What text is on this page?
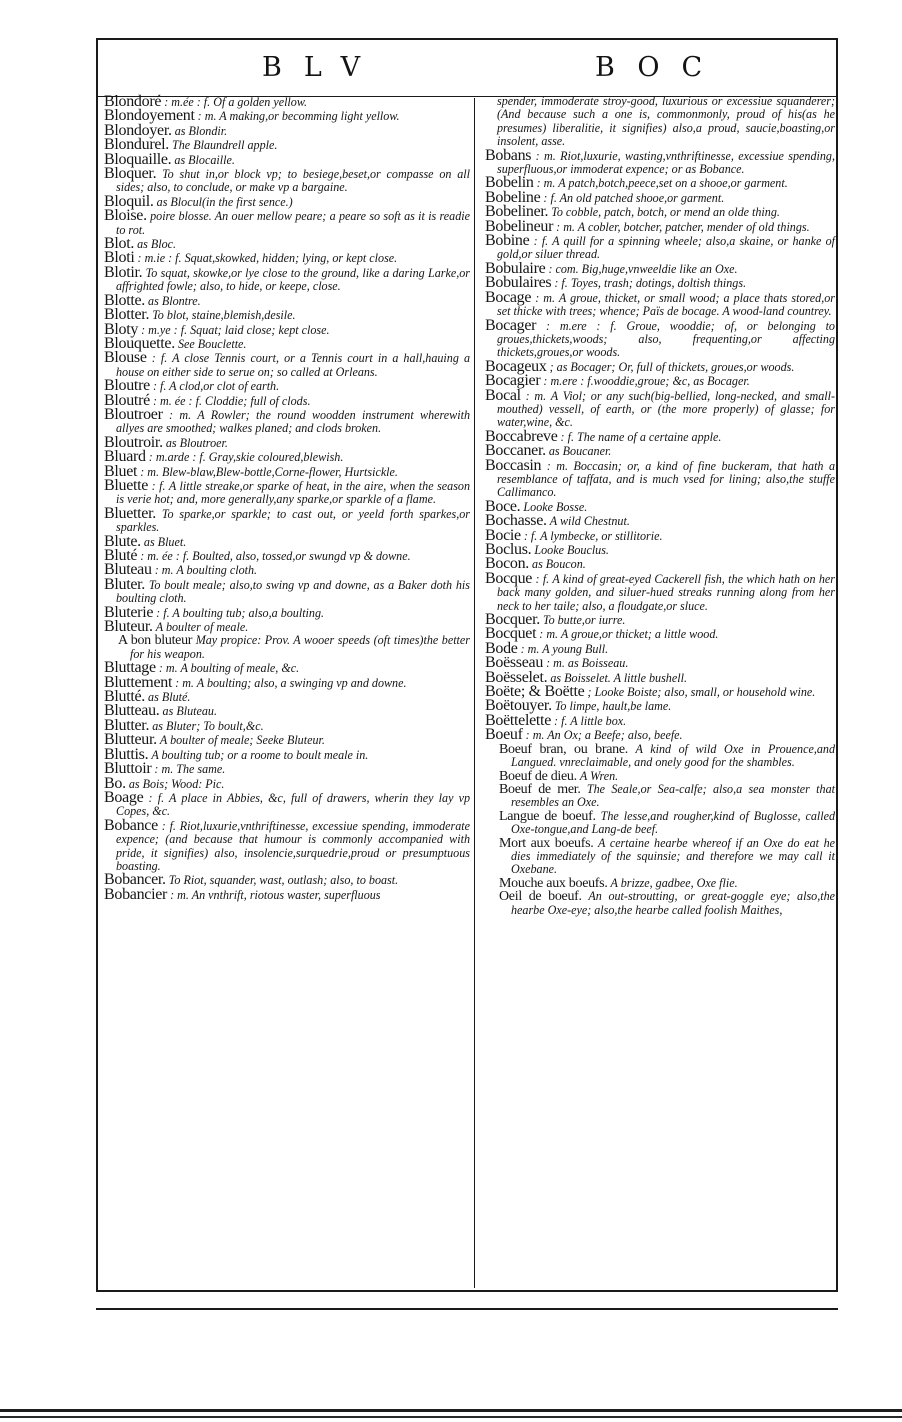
BLV	BOC
Blondoré : m.ée : f. Of a golden yellow.
Blondoyement : m. A making,or becomming light yellow.
Blondoyer. as Blondir.
Blondurel. The Blaundrell apple.
Bloquaille. as Blocaille.
Bloquer. To shut in,or block vp; to besiege,beset,or compasse on all sides; also, to conclude, or make vp a bargaine.
Bloquil. as Blocul(in the first sence.)
Bloise. poire blosse. An ouer mellow peare; a peare so soft as it is readie to rot.
Blot. as Bloc.
Bloti : m.ie : f. Squat,skowked, hidden; lying, or kept close.
Blotir. To squat, skowke,or lye close to the ground, like a daring Larke,or affrighted fowle; also, to hide, or keepe, close.
Blotte. as Blontre.
Blotter. To blot, staine,blemish,desile.
Bloty : m.ye : f. Squat; laid close; kept close.
Blouquette. See Bouclette.
Blouse : f. A close Tennis court, or a Tennis court in a hall,hauing a house on either side to serue on; so called at Orleans.
Bloutre : f. A clod,or clot of earth.
Bloutré : m. ée : f. Cloddie; full of clods.
Bloutroer : m. A Rowler; the round woodden instrument wherewith allyes are smoothed; walkes planed; and clods broken.
Bloutroir. as Bloutroer.
Bluard : m.arde : f. Gray,skie coloured,blewish.
Bluet : m. Blew-blaw,Blew-bottle,Corne-flower, Hurtsickle.
Bluette : f. A little streake,or sparke of heat, in the aire, when the season is verie hot; and, more generally,any sparke,or sparkle of a flame.
Bluetter. To sparke,or sparkle; to cast out, or yeeld forth sparkes,or sparkles.
Blute. as Bluet.
Bluté : m. ée : f. Boulted, also, tossed,or swungd vp & downe.
Bluteau : m. A boulting cloth.
Bluter. To boult meale; also,to swing vp and downe, as a Baker doth his boulting cloth.
Bluterie : f. A boulting tub; also,a boulting.
Bluteur. A boulter of meale.
A bon bluteur May propice: Prov. A wooer speeds (oft times)the better for his weapon.
Bluttage : m. A boulting of meale, &c.
Bluttement : m. A boulting; also, a swinging vp and downe.
Blutté. as Bluté.
Blutteau. as Bluteau.
Blutter. as Bluter; To boult,&c.
Blutteur. A boulter of meale; Seeke Bluteur.
Bluttis. A boulting tub; or a roome to boult meale in.
Bluttoir : m. The same.
Bo. as Bois; Wood: Pic.
Boage : f. A place in Abbies, &c, full of drawers, wherin they lay vp Copes, &c.
Bobance : f. Riot,luxurie,vnthriftinesse, excessiue spending, immoderate expence; (and because that humour is commonly accompanied with pride, it signifies) also, insolencie,surquedrie,proud or presumptuous boasting.
Bobancer. To Riot, squander, wast, outlash; also, to boast.
Bobancier : m. An vnthrift, riotous waster, superfluous
spender, immoderate stroy-good, luxurious or excessiue squanderer; (And because such a one is, commonmonly, proud of his(as he presumes) liberalitie, it signifies) also,a proud, saucie,boasting,or insolent, asse.
Bobans : m. Riot,luxurie, wasting,vnthriftinesse, excessiue spending, superfluous,or immoderat expence; or as Bobance.
Bobelin : m. A patch,botch,peece,set on a shooe,or garment.
Bobeline : f. An old patched shooe,or garment.
Bobeliner. To cobble, patch, botch, or mend an olde thing.
Bobelineur : m. A cobler, botcher, patcher, mender of old things.
Bobine : f. A quill for a spinning wheele; also,a skaine, or hanke of gold,or siluer thread.
Bobulaire : com. Big,huge,vnweeldie like an Oxe.
Bobulaires : f. Toyes, trash; dotings, doltish things.
Bocage : m. A groue, thicket, or small wood; a place thats stored,or set thicke with trees; whence; Païs de bocage. A wood-land countrey.
Bocager : m.ere : f. Groue, wooddie; of, or belonging to groues,thickets,woods; also, frequenting,or affecting thickets,groues,or woods.
Bocageux ; as Bocager; Or, full of thickets, groues,or woods.
Bocagier : m.ere : f.wooddie,groue; &c, as Bocager.
Bocal : m. A Viol; or any such(big-bellied, long-necked, and small-mouthed) vessell, of earth, or (the more properly) of glasse; for water,wine, &c.
Boccabreve : f. The name of a certaine apple.
Boccaner. as Boucaner.
Boccasin : m. Boccasin; or, a kind of fine buckeram, that hath a resemblance of taffata, and is much vsed for lining; also,the stuffe Callimanco.
Boce. Looke Bosse.
Bochasse. A wild Chestnut.
Bocie : f. A lymbecke, or stillitorie.
Boclus. Looke Bouclus.
Bocon. as Boucon.
Bocque : f. A kind of great-eyed Cackerell fish, the which hath on her back many golden, and siluer-hued streaks running along from her neck to her taile; also, a floudgate,or sluce.
Bocquer. To butte,or iurre.
Bocquet : m. A groue,or thicket; a little wood.
Bode : m. A young Bull.
Boësseau : m. as Boisseau.
Boësselet. as Boisselet. A little bushell.
Boëte; & Boëtte ; Looke Boiste; also, small, or household wine.
Boëtouyer. To limpe, hault,be lame.
Boëttelette : f. A little box.
Boeuf : m. An Ox; a Beefe; also, beefe.
Boeuf bran, ou brane. A kind of wild Oxe in Prouence,and Langued. vnreclaimable, and onely good for the shambles.
Boeuf de dieu. A Wren.
Boeuf de mer. The Seale,or Sea-calfe; also,a sea monster that resembles an Oxe.
Langue de boeuf. The lesse,and rougher,kind of Buglosse, called Oxe-tongue,and Lang-de beef.
Mort aux boeufs. A certaine hearbe whereof if an Oxe do eat he dies immediately of the squinsie; and therefore we may call it Oxebane.
Mouche aux boeufs. A brizze, gadbee, Oxe flie.
Oeil de boeuf. An out-stroutting, or great-goggle eye; also,the hearbe Oxe-eye; also,the hearbe called foolish Maithes,
